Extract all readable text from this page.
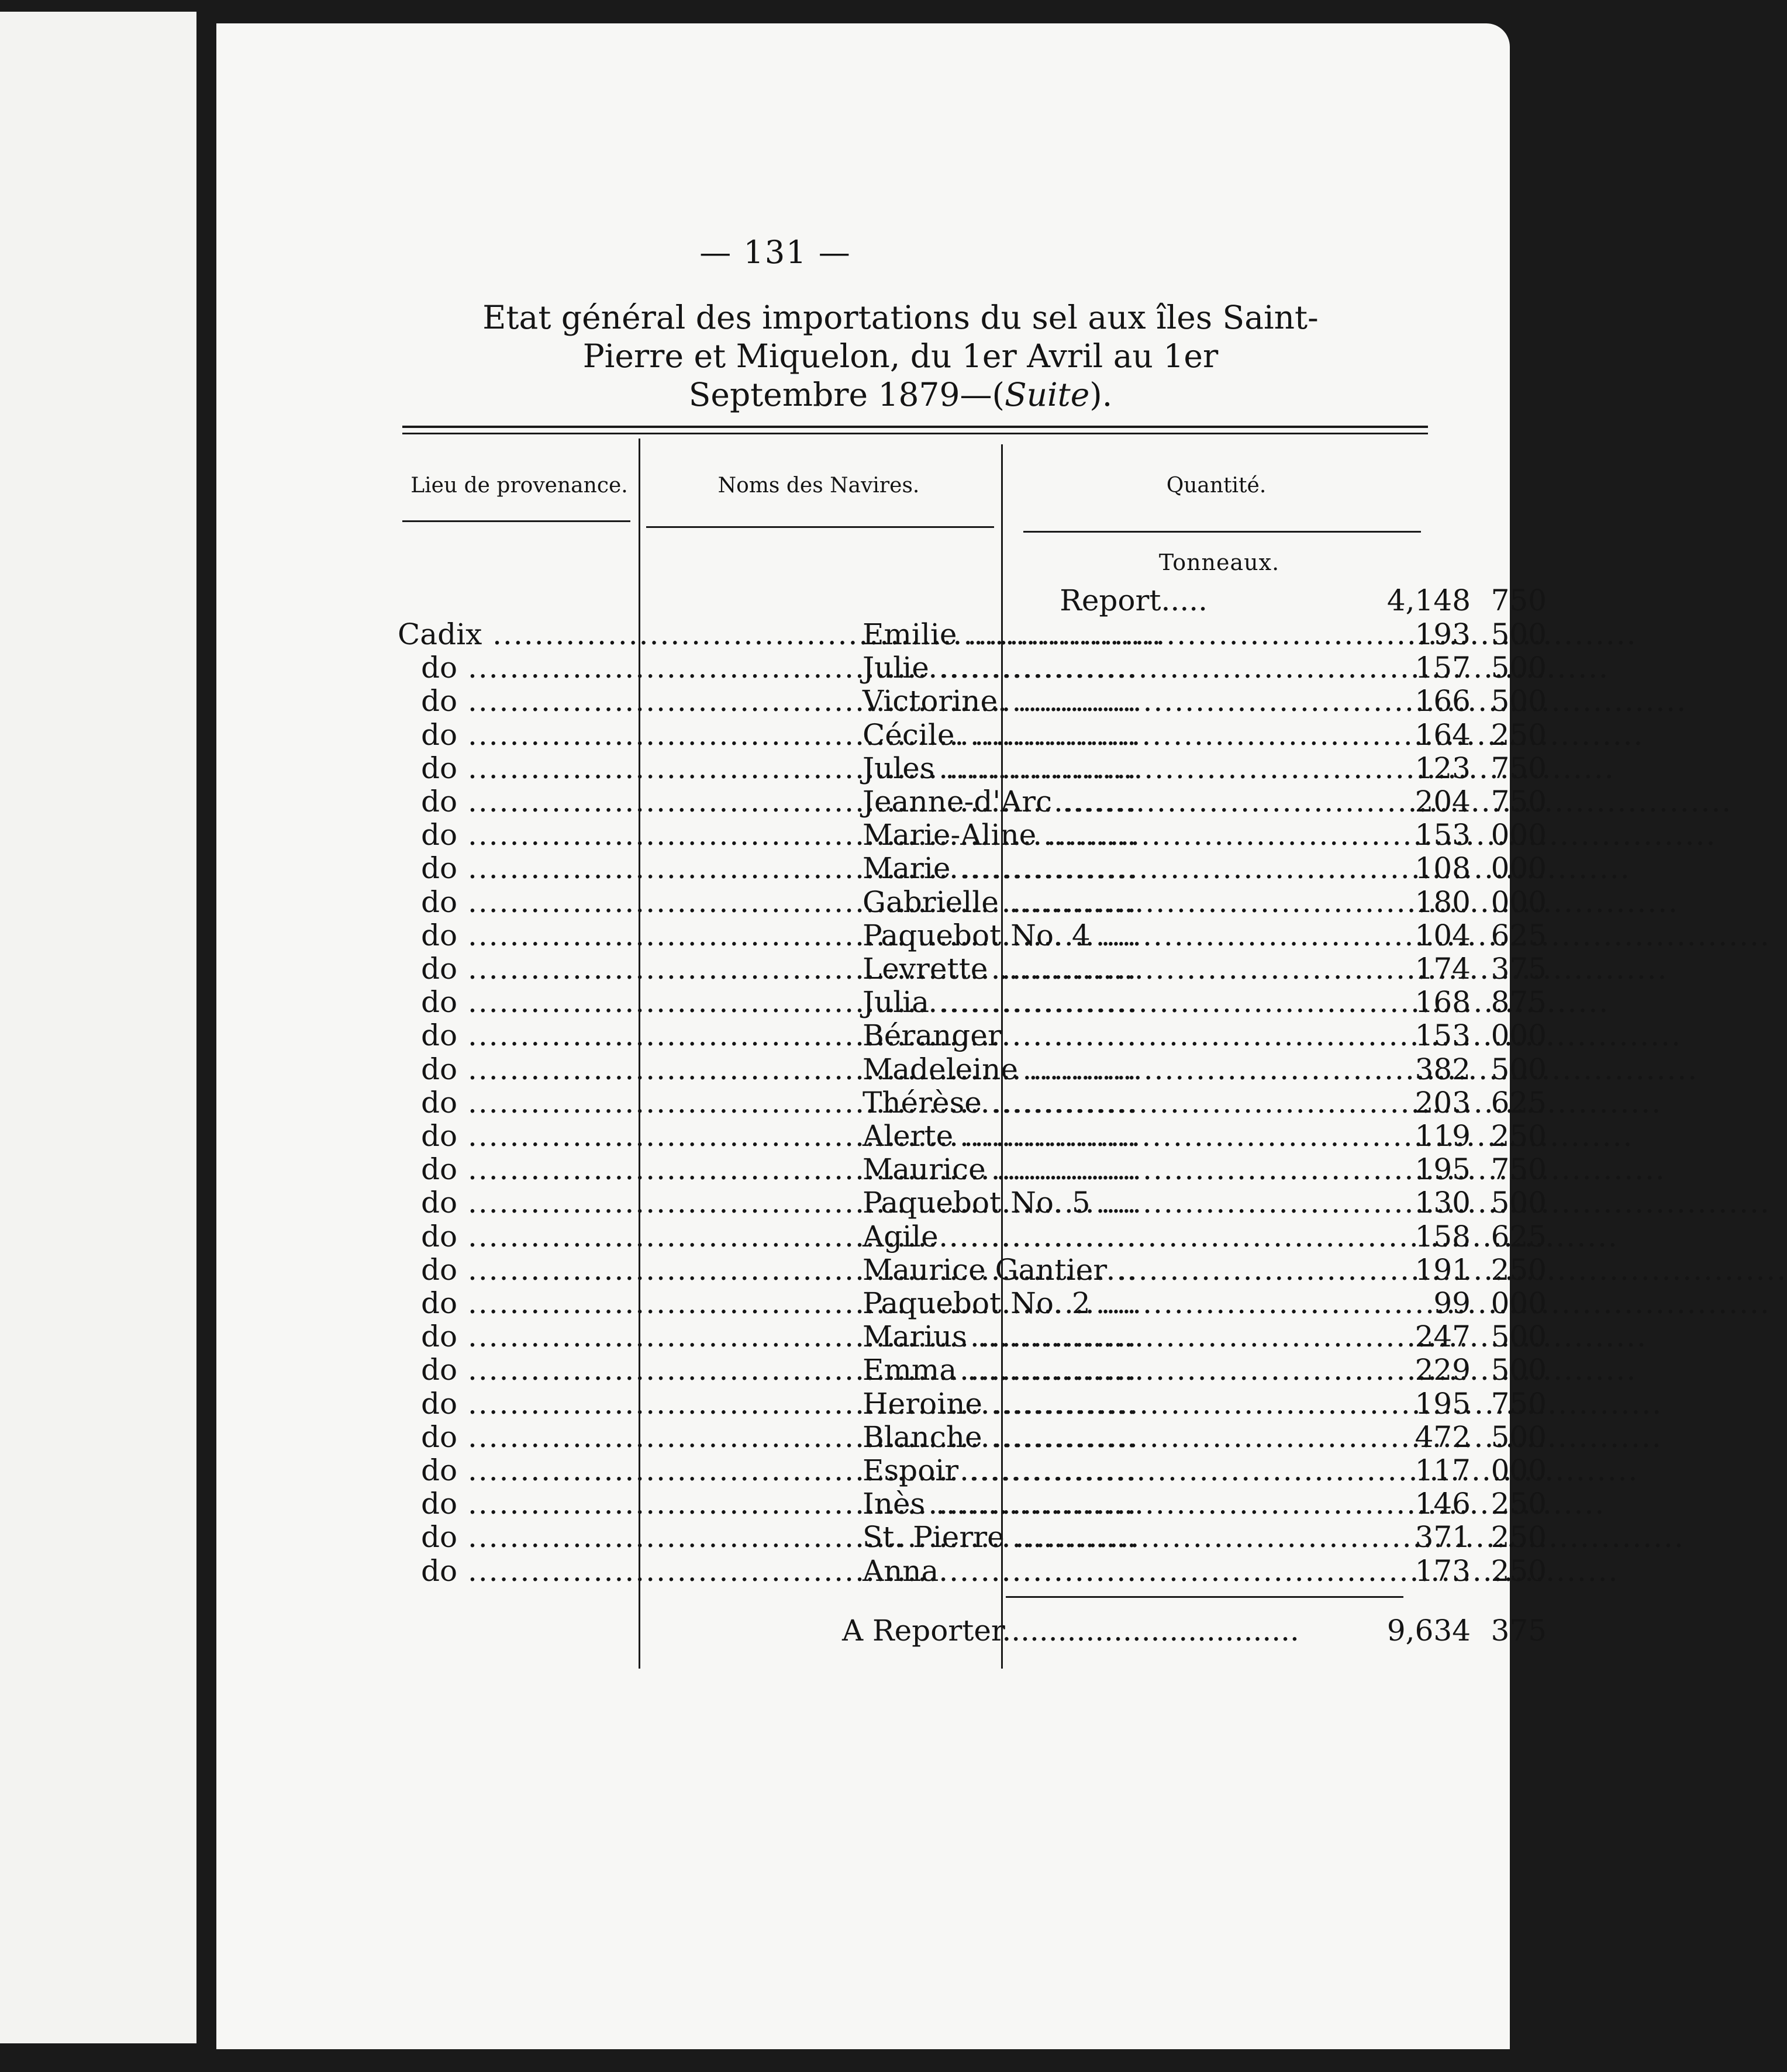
— 131 —
Etat général des importations du sel aux îles Saint-
Pierre et Miquelon, du 1er Avril au 1er
Septembre 1879—(Suite).
Lieu de provenance.	Noms des Navires.	Quantité.
Tonneaux.
Report.....	4,148 750
Cadix .....	Emilie .....	193 500
do .....	Julie .....	157 500
do .....	Victorine. .....	166 500
do .....	Cécile. .....	164 250
do .....	Jules .....	123 750
do .....	Jeanne-d'Arc .....	204 750
do .....	Marie-Aline .....	153 000
do .....	Marie .....	108 000
do .....	Gabrielle .....	180 000
do .....	Paquebot No. 4 .....	104 625
do .....	Levrette .....	174 375
do .....	Julia .....	168 875
do .....	Béranger .....	153 000
do .....	Madeleine .....	382 500
do .....	Thérèse .....	203 625
do .....	Alerte .....	119 250
do .....	Maurice .....	195 750
do .....	Paquebot No. 5 .....	130 500
do .....	Agile .....	158 625
do .....	Maurice Gantier .....	191 250
do .....	Paquebot No. 2 .....	99 000
do .....	Marius .....	247 500
do .....	Emma .....	229 500
do .....	Heroine .....	195 750
do .....	Blanche .....	472 500
do .....	Espoir .....	117 000
do .....	Inès .....	146 250
do .....	St. Pierre .....	371 250
do .....	Anna .....	173 250
A Reporter .....	9,634 375
